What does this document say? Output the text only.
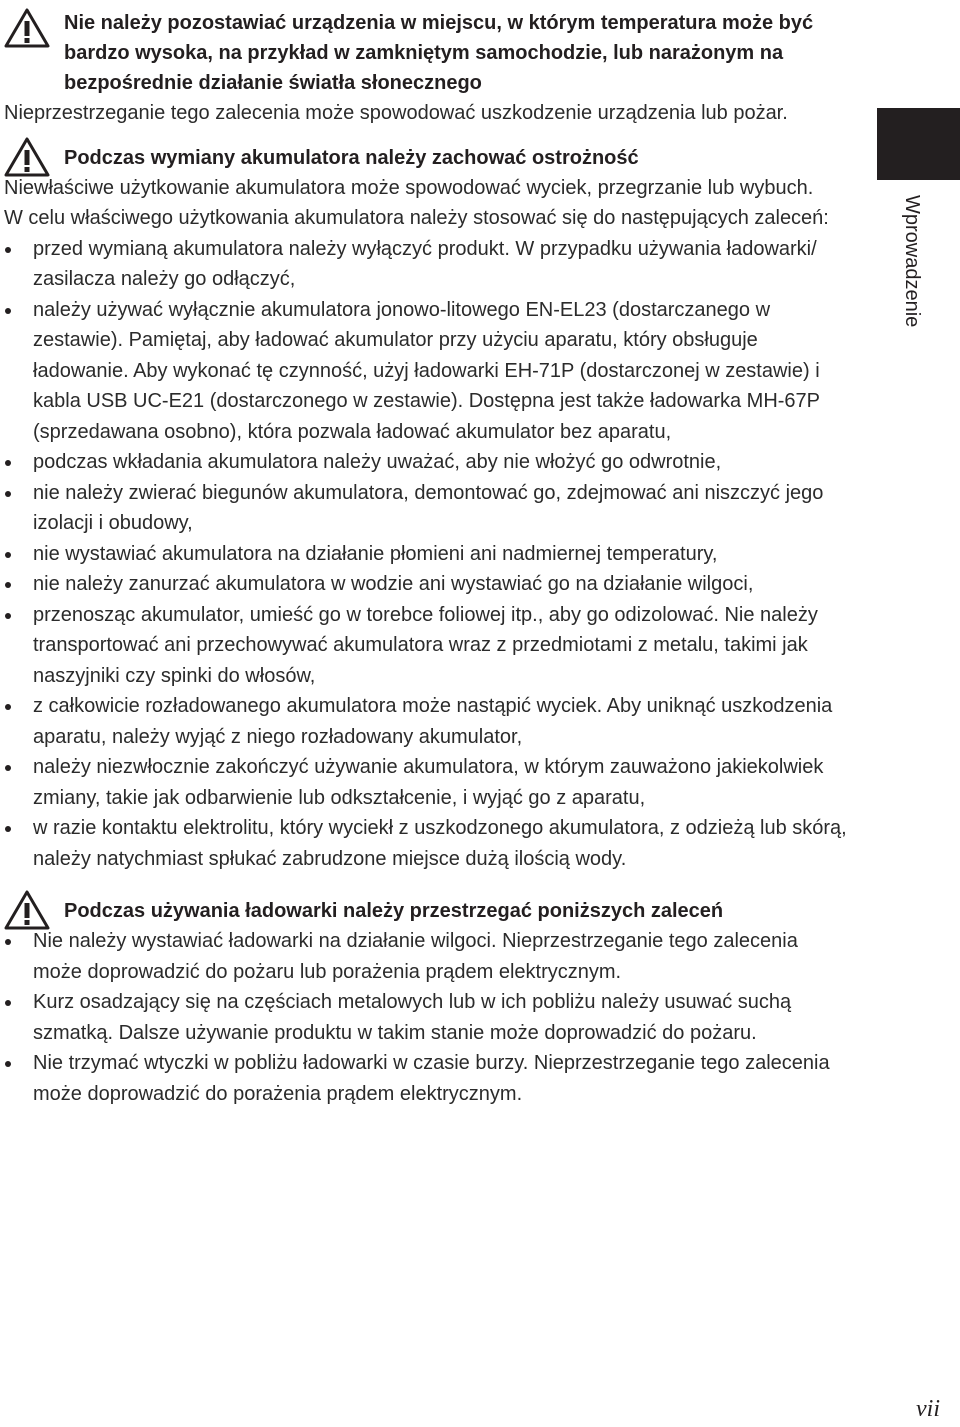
Nie należy pozostawiać urządzenia w miejscu, w którym temperatura może być bardzo wysoka, na przykład w zamkniętym samochodzie, lub narażonym na bezpośrednie działanie światła słonecznego
Nieprzestrzeganie tego zalecenia może spowodować uszkodzenie urządzenia lub pożar.
Podczas wymiany akumulatora należy zachować ostrożność
Niewłaściwe użytkowanie akumulatora może spowodować wyciek, przegrzanie lub wybuch.
W celu właściwego użytkowania akumulatora należy stosować się do następujących zaleceń:
przed wymianą akumulatora należy wyłączyć produkt. W przypadku używania ładowarki/ zasilacza należy go odłączyć,
należy używać wyłącznie akumulatora jonowo-litowego EN-EL23 (dostarczanego w zestawie). Pamiętaj, aby ładować akumulator przy użyciu aparatu, który obsługuje ładowanie. Aby wykonać tę czynność, użyj ładowarki EH-71P (dostarczonej w zestawie) i kabla USB UC-E21 (dostarczonego w zestawie). Dostępna jest także ładowarka MH-67P (sprzedawana osobno), która pozwala ładować akumulator bez aparatu,
podczas wkładania akumulatora należy uważać, aby nie włożyć go odwrotnie,
nie należy zwierać biegunów akumulatora, demontować go, zdejmować ani niszczyć jego izolacji i obudowy,
nie wystawiać akumulatora na działanie płomieni ani nadmiernej temperatury,
nie należy zanurzać akumulatora w wodzie ani wystawiać go na działanie wilgoci,
przenosząc akumulator, umieść go w torebce foliowej itp., aby go odizolować. Nie należy transportować ani przechowywać akumulatora wraz z przedmiotami z metalu, takimi jak naszyjniki czy spinki do włosów,
z całkowicie rozładowanego akumulatora może nastąpić wyciek. Aby uniknąć uszkodzenia aparatu, należy wyjąć z niego rozładowany akumulator,
należy niezwłocznie zakończyć używanie akumulatora, w którym zauważono jakiekolwiek zmiany, takie jak odbarwienie lub odkształcenie, i wyjąć go z aparatu,
w razie kontaktu elektrolitu, który wyciekł z uszkodzonego akumulatora, z odzieżą lub skórą, należy natychmiast spłukać zabrudzone miejsce dużą ilością wody.
Podczas używania ładowarki należy przestrzegać poniższych zaleceń
Nie należy wystawiać ładowarki na działanie wilgoci. Nieprzestrzeganie tego zalecenia może doprowadzić do pożaru lub porażenia prądem elektrycznym.
Kurz osadzający się na częściach metalowych lub w ich pobliżu należy usuwać suchą szmatką. Dalsze używanie produktu w takim stanie może doprowadzić do pożaru.
Nie trzymać wtyczki w pobliżu ładowarki w czasie burzy. Nieprzestrzeganie tego zalecenia może doprowadzić do porażenia prądem elektrycznym.
Wprowadzenie
vii
